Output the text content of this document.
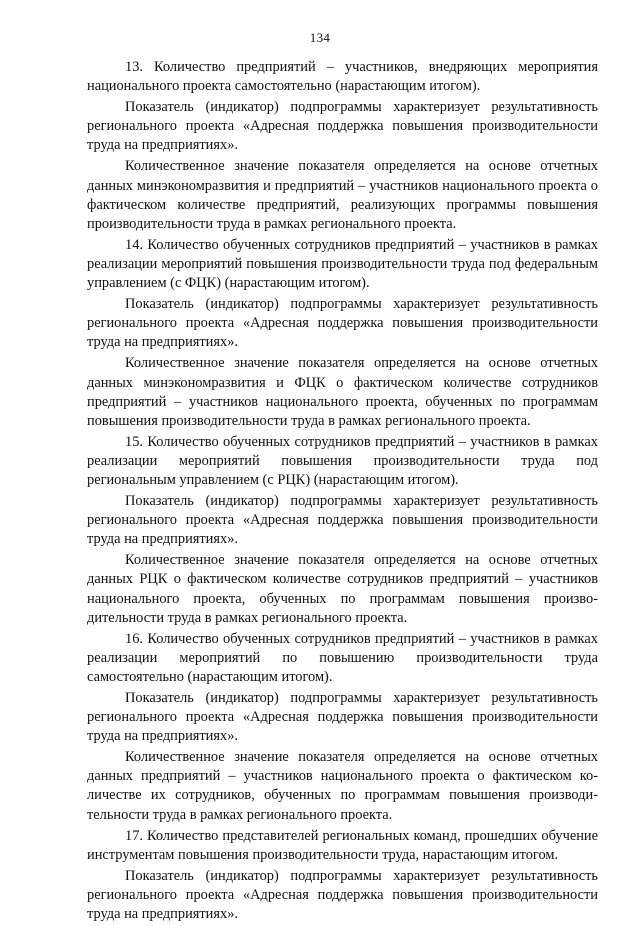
134

13. Количество предприятий – участников, внедряющих мероприятия национального проекта самостоятельно (нарастающим итогом).

Показатель (индикатор) подпрограммы характеризует результативность регионального проекта «Адресная поддержка повышения производительности труда на предприятиях».

Количественное значение показателя определяется на основе отчетных данных минэкономразвития и предприятий – участников национального проекта о фактическом количестве предприятий, реализующих программы повышения производительности труда в рамках регионального проекта.

14. Количество обученных сотрудников предприятий – участников в рамках реализации мероприятий повышения производительности труда под федеральным управлением (с ФЦК) (нарастающим итогом).

Показатель (индикатор) подпрограммы характеризует результативность регионального проекта «Адресная поддержка повышения производительности труда на предприятиях».

Количественное значение показателя определяется на основе отчетных данных минэкономразвития и ФЦК о фактическом количестве сотрудников предприятий – участников национального проекта, обученных по программам повышения производительности труда в рамках регионального проекта.

15. Количество обученных сотрудников предприятий – участников в рамках реализации мероприятий повышения производительности труда под региональным управлением (с РЦК) (нарастающим итогом).

Показатель (индикатор) подпрограммы характеризует результативность регионального проекта «Адресная поддержка повышения производительности труда на предприятиях».

Количественное значение показателя определяется на основе отчетных данных РЦК о фактическом количестве сотрудников предприятий – участников национального проекта, обученных по программам повышения производительности труда в рамках регионального проекта.

16. Количество обученных сотрудников предприятий – участников в рамках реализации мероприятий по повышению производительности труда самостоятельно (нарастающим итогом).

Показатель (индикатор) подпрограммы характеризует результативность регионального проекта «Адресная поддержка повышения производительности труда на предприятиях».

Количественное значение показателя определяется на основе отчетных данных предприятий – участников национального проекта о фактическом количестве их сотрудников, обученных по программам повышения производительности труда в рамках регионального проекта.

17. Количество представителей региональных команд, прошедших обучение инструментам повышения производительности труда, нарастающим итогом.

Показатель (индикатор) подпрограммы характеризует результативность регионального проекта «Адресная поддержка повышения производительности труда на предприятиях».
